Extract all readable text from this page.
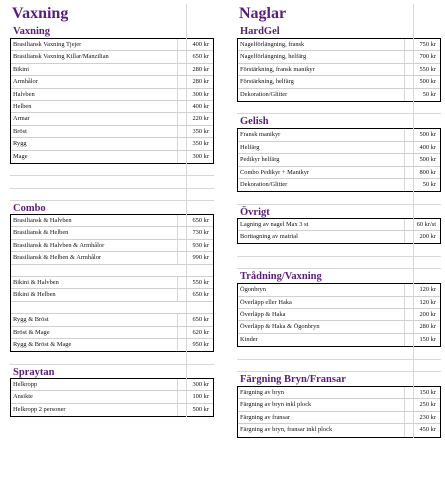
Vaxning
Vaxning
Brasiliansk Vaxning Tjejer	400 kr
Brasiliansk Vaxning Killar/Manzilian	650 kr
Bikini	280 kr
Armhålor	280 kr
Halvben	300 kr
Helben	400 kr
Armar	220 kr
Bröst	350 kr
Rygg	350 kr
Mage	300 kr
Combo
Brasiliansk & Halvben	650 kr
Brasiliansk & Helben	730 kr
Brasiliansk & Halvben & Armhålor	930 kr
Brasiliansk & Helben & Armhålor	990 kr
Bikini & Halvben	550 kr
Bikini & Helben	650 kr
Rygg & Bröst	650 kr
Bröst & Mage	620 kr
Rygg & Bröst & Mage	950 kr
Spraytan
Helkropp	300 kr
Ansikte	100 kr
Helkropp 2 personer	500 kr
Naglar
HardGel
Nagelförlängning, fransk	750 kr
Nagelförlängning, helfärg	700 kr
Förstärkning, fransk manikyr	550 kr
Förstärkning, helfärg	500 kr
Dekoration/Glitter	50 kr
Gelish
Fransk manikyr	500 kr
Helfärg	400 kr
Pedikyr helfärg	500 kr
Combo Pedikyr + Manikyr	800 kr
Dekoration/Glitter	50 kr
Övrigt
Lagning av nagel Max 3 st	60 kr/st
Borttagning av matrial	200 kr
Trådning/Vaxning
Ögonbryn	120 kr
Överläpp eller Haka	120 kr
Överläpp & Haka	200 kr
Överläpp & Haka & Ögonbryn	280 kr
Kinder	150 kr
Färgning Bryn/Fransar
Färgning av bryn	150 kr
Färgning av bryn inkl plock	250 kr
Färgning av fransar	230 kr
Färgning av bryn, fransar inkl plock	450 kr
